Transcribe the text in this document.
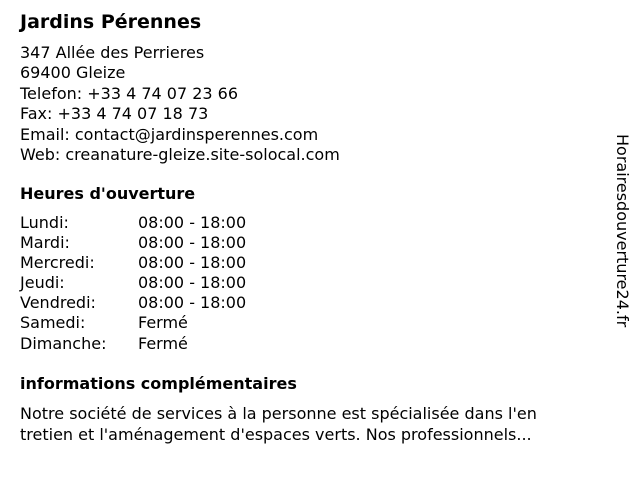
Jardins Pérennes
347 Allée des Perrieres
69400 Gleize
Telefon: +33 4 74 07 23 66
Fax: +33 4 74 07 18 73
Email: contact@jardinsperennes.com
Web: creanature-gleize.site-solocal.com
Heures d'ouverture
Lundi:	08:00 - 18:00
Mardi:	08:00 - 18:00
Mercredi:	08:00 - 18:00
Jeudi:	08:00 - 18:00
Vendredi:	08:00 - 18:00
Samedi:	Fermé
Dimanche: Fermé
informations complémentaires
Notre société de services à la personne est spécialisée dans l'en
tretien et l'aménagement d'espaces verts. Nos professionnels...
Horairesdouverture24.fr
